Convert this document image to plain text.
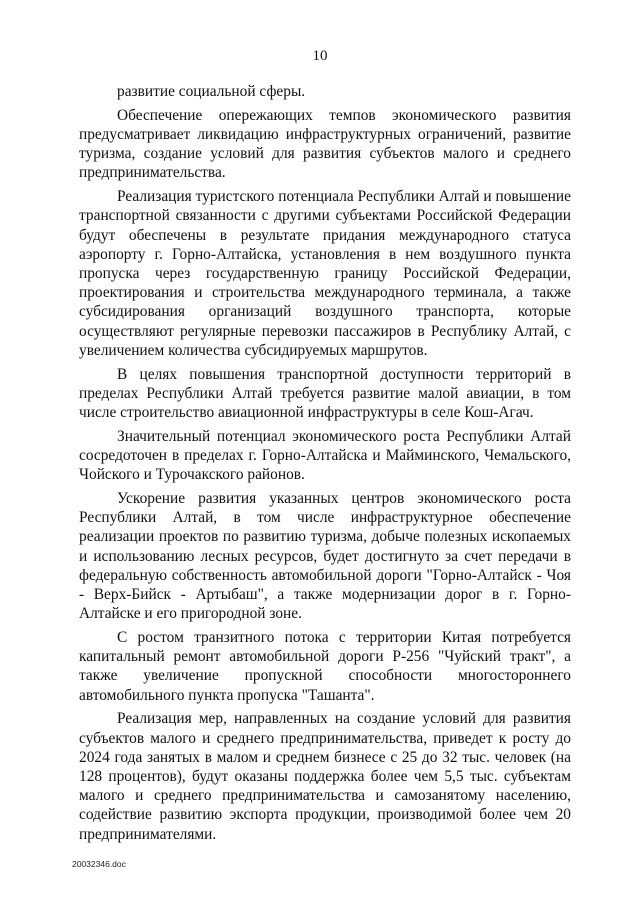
10

развитие социальной сферы.

Обеспечение опережающих темпов экономического развития предусматривает ликвидацию инфраструктурных ограничений, развитие туризма, создание условий для развития субъектов малого и среднего предпринимательства.

Реализация туристского потенциала Республики Алтай и повышение транспортной связанности с другими субъектами Российской Федерации будут обеспечены в результате придания международного статуса аэропорту г. Горно-Алтайска, установления в нем воздушного пункта пропуска через государственную границу Российской Федерации, проектирования и строительства международного терминала, а также субсидирования организаций воздушного транспорта, которые осуществляют регулярные перевозки пассажиров в Республику Алтай, с увеличением количества субсидируемых маршрутов.

В целях повышения транспортной доступности территорий в пределах Республики Алтай требуется развитие малой авиации, в том числе строительство авиационной инфраструктуры в селе Кош-Агач.

Значительный потенциал экономического роста Республики Алтай сосредоточен в пределах г. Горно-Алтайска и Майминского, Чемальского, Чойского и Турочакского районов.

Ускорение развития указанных центров экономического роста Республики Алтай, в том числе инфраструктурное обеспечение реализации проектов по развитию туризма, добыче полезных ископаемых и использованию лесных ресурсов, будет достигнуто за счет передачи в федеральную собственность автомобильной дороги "Горно-Алтайск - Чоя - Верх-Бийск - Артыбаш", а также модернизации дорог в г. Горно-Алтайске и его пригородной зоне.

С ростом транзитного потока с территории Китая потребуется капитальный ремонт автомобильной дороги Р-256 "Чуйский тракт", а также увеличение пропускной способности многостороннего автомобильного пункта пропуска "Ташанта".

Реализация мер, направленных на создание условий для развития субъектов малого и среднего предпринимательства, приведет к росту до 2024 года занятых в малом и среднем бизнесе с 25 до 32 тыс. человек (на 128 процентов), будут оказаны поддержка более чем 5,5 тыс. субъектам малого и среднего предпринимательства и самозанятому населению, содействие развитию экспорта продукции, производимой более чем 20 предпринимателями.

20032346.doc
